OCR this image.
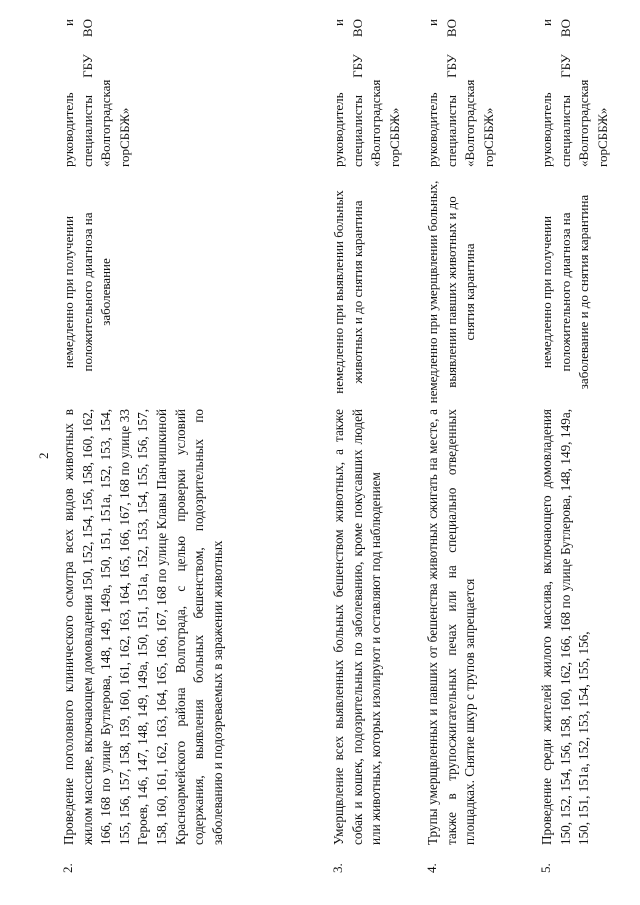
2
2.
Проведение поголовного клинического осмотра всех видов животных в жилом массиве, включающем домовладения 150, 152, 154, 156, 158, 160, 162, 166, 168 по улице Бутлерова, 148, 149, 149а, 150, 151, 151а, 152, 153, 154, 155, 156, 157, 158, 159, 160, 161, 162, 163, 164, 165, 166, 167, 168 по улице 33 Героев, 146, 147, 148, 149, 149а, 150, 151, 151а, 152, 153, 154, 155, 156, 157, 158, 160, 161, 162, 163, 164, 165, 166, 167, 168 по улице Клавы Панчишкиной Красноармейского района Волгограда, с целью проверки условий содержания, выявления больных бешенством, подозрительных по заболеванию и подозреваемых в заражении животных
немедленно при получении положительного диагноза на заболевание
руководитель и специалисты ГБУ ВО «Волгоградская горСББЖ»
3.
Умерщвление всех выявленных больных бешенством животных, а также собак и кошек, подозрительных по заболеванию, кроме покусавших людей или животных, которых изолируют и оставляют под наблюдением
немедленно при выявлении больных животных и до снятия карантина
руководитель и специалисты ГБУ ВО «Волгоградская горСББЖ»
4.
Трупы умерщвленных и павших от бешенства животных сжигать на месте, а также в трупосжигательных печах или на специально отведенных площадках. Снятие шкур с трупов запрещается
немедленно при умерщвлении больных, выявлении павших животных и до снятия карантина
руководитель и специалисты ГБУ ВО «Волгоградская горСББЖ»
5.
Проведение среди жителей жилого массива, включающего домовладения 150, 152, 154, 156, 158, 160, 162, 166, 168 по улице Бутлерова, 148, 149, 149а, 150, 151, 151а, 152, 153, 154, 155, 156,
немедленно при получении положительного диагноза на заболевание и до снятия карантина
руководитель и специалисты ГБУ ВО «Волгоградская горСББЖ»
